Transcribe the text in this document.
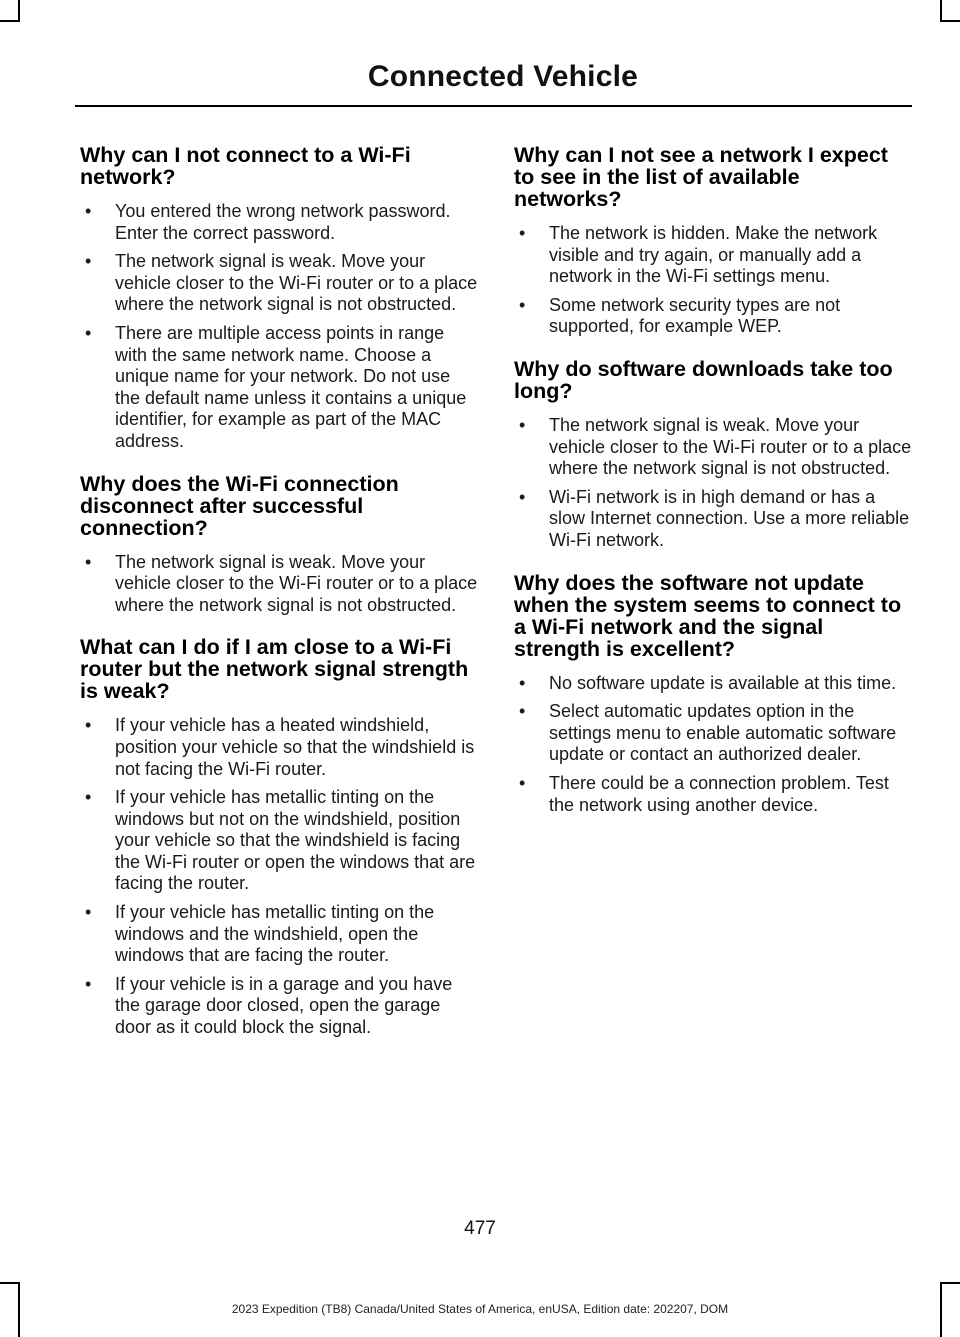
Connected Vehicle
Why can I not connect to a Wi-Fi network?
• You entered the wrong network password. Enter the correct password.
• The network signal is weak. Move your vehicle closer to the Wi-Fi router or to a place where the network signal is not obstructed.
• There are multiple access points in range with the same network name. Choose a unique name for your network. Do not use the default name unless it contains a unique identifier, for example as part of the MAC address.
Why does the Wi-Fi connection disconnect after successful connection?
• The network signal is weak. Move your vehicle closer to the Wi-Fi router or to a place where the network signal is not obstructed.
What can I do if I am close to a Wi-Fi router but the network signal strength is weak?
• If your vehicle has a heated windshield, position your vehicle so that the windshield is not facing the Wi-Fi router.
• If your vehicle has metallic tinting on the windows but not on the windshield, position your vehicle so that the windshield is facing the Wi-Fi router or open the windows that are facing the router.
• If your vehicle has metallic tinting on the windows and the windshield, open the windows that are facing the router.
• If your vehicle is in a garage and you have the garage door closed, open the garage door as it could block the signal.
Why can I not see a network I expect to see in the list of available networks?
• The network is hidden. Make the network visible and try again, or manually add a network in the Wi-Fi settings menu.
• Some network security types are not supported, for example WEP.
Why do software downloads take too long?
• The network signal is weak. Move your vehicle closer to the Wi-Fi router or to a place where the network signal is not obstructed.
• Wi-Fi network is in high demand or has a slow Internet connection. Use a more reliable Wi-Fi network.
Why does the software not update when the system seems to connect to a Wi-Fi network and the signal strength is excellent?
• No software update is available at this time.
• Select automatic updates option in the settings menu to enable automatic software update or contact an authorized dealer.
• There could be a connection problem. Test the network using another device.
477
2023 Expedition (TB8) Canada/United States of America, enUSA, Edition date: 202207, DOM
